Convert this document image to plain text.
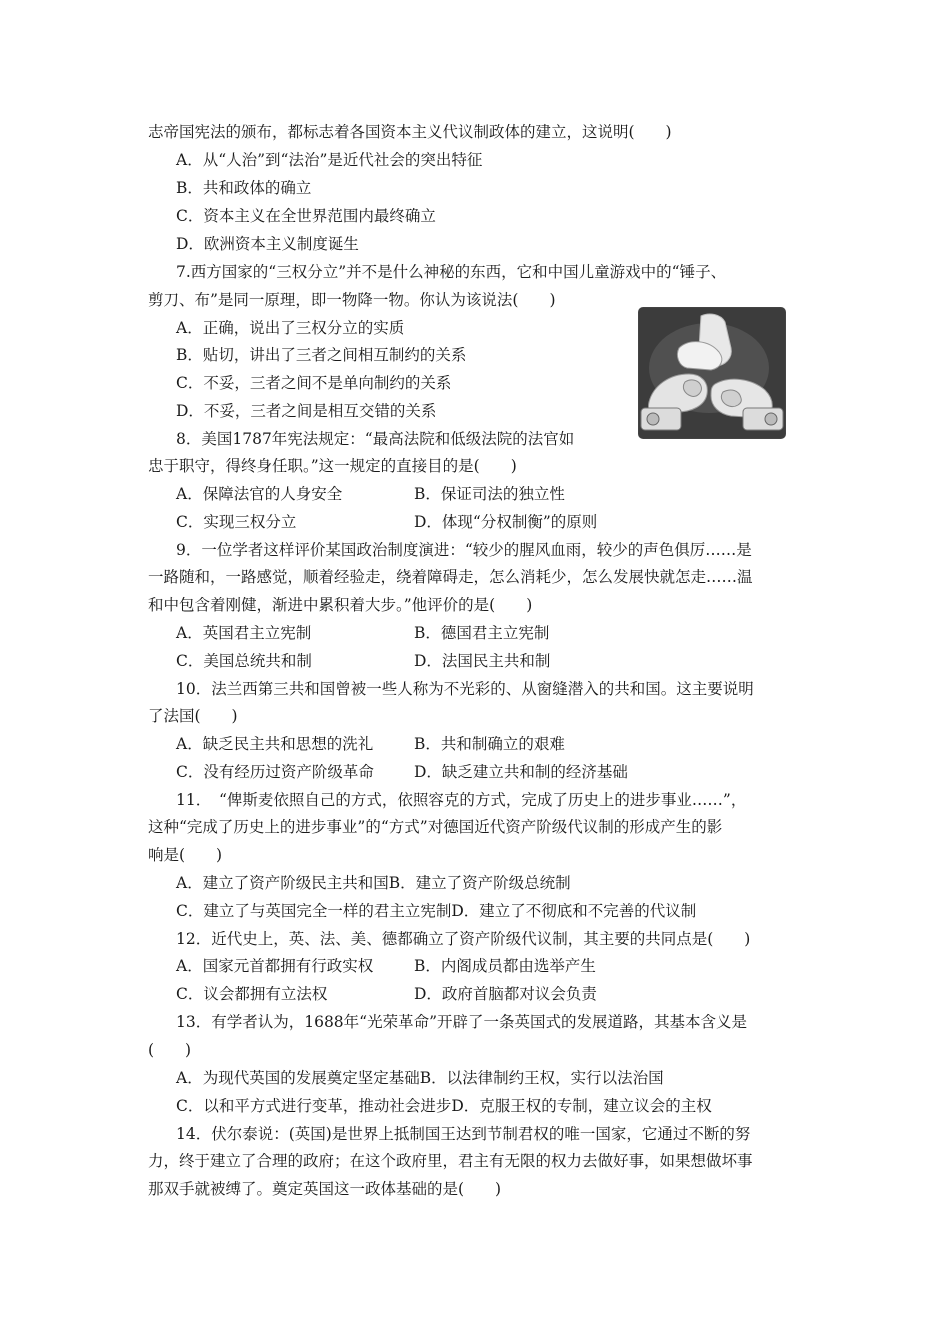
志帝国宪法的颁布，都标志着各国资本主义代议制政体的建立，这说明(　　)
A．从“人治”到“法治”是近代社会的突出特征
B．共和政体的确立
C．资本主义在全世界范围内最终确立
D．欧洲资本主义制度诞生
7.西方国家的“三权分立”并不是什么神秘的东西，它和中国儿童游戏中的“锤子、
剪刀、布”是同一原理，即一物降一物。你认为该说法(　　)
A．正确，说出了三权分立的实质
B．贴切，讲出了三者之间相互制约的关系
C．不妥，三者之间不是单向制约的关系
D．不妥，三者之间是相互交错的关系
8．美国1787年宪法规定：“最高法院和低级法院的法官如
忠于职守，得终身任职。”这一规定的直接目的是(　　)
A．保障法官的人身安全	B．保证司法的独立性
C．实现三权分立	D．体现“分权制衡”的原则
9．一位学者这样评价某国政治制度演进：“较少的腥风血雨，较少的声色俱厉……是
一路随和，一路感觉，顺着经验走，绕着障碍走，怎么消耗少，怎么发展快就怎走……温
和中包含着刚健，渐进中累积着大步。”他评价的是(　　)
A．英国君主立宪制	B．德国君主立宪制
C．美国总统共和制	D．法国民主共和制
10．法兰西第三共和国曾被一些人称为不光彩的、从窗缝潜入的共和国。这主要说明
了法国(　　)
A．缺乏民主共和思想的洗礼	B．共和制确立的艰难
C．没有经历过资产阶级革命	D．缺乏建立共和制的经济基础
11．　“俾斯麦依照自己的方式，依照容克的方式，完成了历史上的进步事业……”，
这种“完成了历史上的进步事业”的“方式”对德国近代资产阶级代议制的形成产生的影
响是(　　)
A．建立了资产阶级民主共和国B．建立了资产阶级总统制
C．建立了与英国完全一样的君主立宪制D．建立了不彻底和不完善的代议制
12．近代史上，英、法、美、德都确立了资产阶级代议制，其主要的共同点是(　　)
A．国家元首都拥有行政实权	B．内阁成员都由选举产生
C．议会都拥有立法权	D．政府首脑都对议会负责
13．有学者认为，1688年“光荣革命”开辟了一条英国式的发展道路，其基本含义是
(　　)
A．为现代英国的发展奠定坚定基础B．以法律制约王权，实行以法治国
C．以和平方式进行变革，推动社会进步D．克服王权的专制，建立议会的主权
14．伏尔泰说：(英国)是世界上抵制国王达到节制君权的唯一国家，它通过不断的努
力，终于建立了合理的政府；在这个政府里，君主有无限的权力去做好事，如果想做坏事
那双手就被缚了。奠定英国这一政体基础的是(　　)
